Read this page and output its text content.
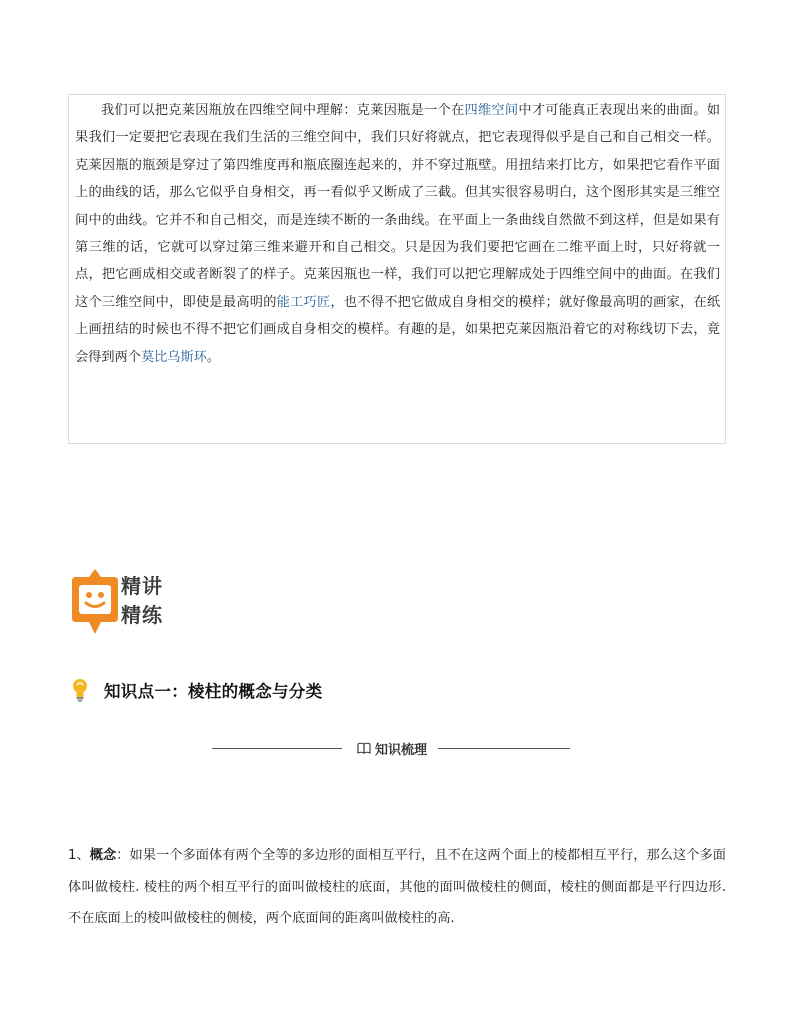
我们可以把克莱因瓶放在四维空间中理解：克莱因瓶是一个在四维空间中才可能真正表现出来的曲面。如果我们一定要把它表现在我们生活的三维空间中，我们只好将就点，把它表现得似乎是自己和自己相交一样。克莱因瓶的瓶颈是穿过了第四维度再和瓶底圈连起来的，并不穿过瓶壁。用扭结来打比方，如果把它看作平面上的曲线的话，那么它似乎自身相交，再一看似乎又断成了三截。但其实很容易明白，这个图形其实是三维空间中的曲线。它并不和自己相交，而是连续不断的一条曲线。在平面上一条曲线自然做不到这样，但是如果有第三维的话，它就可以穿过第三维来避开和自己相交。只是因为我们要把它画在二维平面上时，只好将就一点，把它画成相交或者断裂了的样子。克莱因瓶也一样，我们可以把它理解成处于四维空间中的曲面。在我们这个三维空间中，即使是最高明的能工巧匠，也不得不把它做成自身相交的模样；就好像最高明的画家，在纸上画扭结的时候也不得不把它们画成自身相交的模样。有趣的是，如果把克莱因瓶沿着它的对称线切下去，竟会得到两个莫比乌斯环。

精讲
精练
知识点一：棱柱的概念与分类
知识梳理

1、概念：如果一个多面体有两个全等的多边形的面相互平行，且不在这两个面上的棱都相互平行，那么这个多面体叫做棱柱. 棱柱的两个相互平行的面叫做棱柱的底面，其他的面叫做棱柱的侧面，棱柱的侧面都是平行四边形. 不在底面上的棱叫做棱柱的侧棱，两个底面间的距离叫做棱柱的高.
